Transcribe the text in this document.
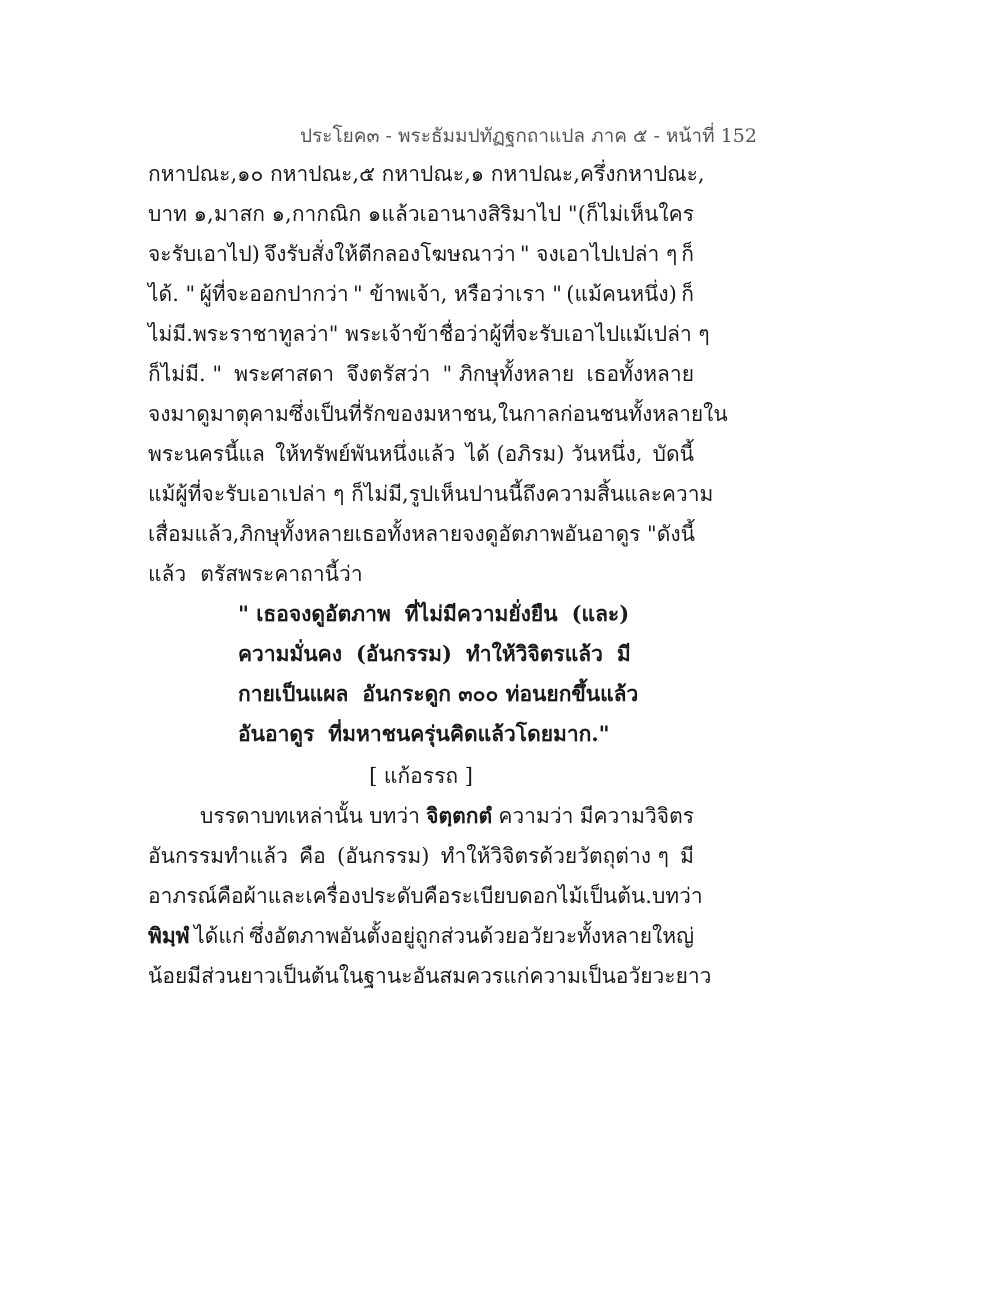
ประโยค๓ - พระธัมมปทัฏฐกถาแปล ภาค ๕ - หน้าที่ 152
กหาปณะ, ๑๐ กหาปณะ, ๕ กหาปณะ, ๑ กหาปณะ, ครึ่งกหาปณะ,
บาท ๑, มาสก ๑, กากณิก ๑ แล้วเอานางสิริมาไป " (ก็ไม่เห็นใคร
จะรับเอาไป) จึงรับสั่งให้ตีกลองโฆษณาว่า " จงเอาไปเปล่า ๆ ก็
ได้. " ผู้ที่จะออกปากว่า " ข้าพเจ้า, หรือว่าเรา " (แม้คนหนึ่ง) ก็
ไม่มี. พระราชาทูลว่า " พระเจ้าข้า ชื่อว่าผู้ที่จะรับเอาไปแม้เปล่า ๆ
ก็ไม่มี. " พระศาสดา จึงตรัสว่า " ภิกษุทั้งหลาย เธอทั้งหลาย
จงมาดูมาตุคามซึ่งเป็นที่รักของมหาชน, ในกาลก่อน ชนทั้งหลายใน
พระนครนี้แล ให้ทรัพย์พันหนึ่งแล้ว ได้ (อภิรม) วันหนึ่ง, บัดนี้
แม้ผู้ที่จะรับเอาเปล่า ๆ ก็ไม่มี, รูปเห็นปานนี้ ถึงความสิ้นและความ
เสื่อมแล้ว, ภิกษุทั้งหลาย เธอทั้งหลายจงดูอัตภาพอันอาดูร " ดังนี้
แล้ว ตรัสพระคาถานี้ว่า
" เธอจงดูอัตภาพ ที่ไม่มีความยั่งยืน (และ)
ความมั่นคง (อันกรรม) ทำให้วิจิตรแล้ว มี
กายเป็นแผล อันกระดูก ๓๐๐ ท่อนยกขึ้นแล้ว
อันอาดูร ที่มหาชนครุ่นคิดแล้วโดยมาก."
[ แก้อรรถ ]
บรรดาบทเหล่านั้น บทว่า จิตฺตกตํ ความว่า มีความวิจิตร
อันกรรมทำแล้ว คือ (อันกรรม) ทำให้วิจิตรด้วยวัตถุต่าง ๆ มี
อาภรณ์คือผ้าและเครื่องประดับคือระเบียบดอกไม้เป็นต้น. บทว่า
พิมฺพํ ได้แก่ ซึ่งอัตภาพอันตั้งอยู่ถูกส่วนด้วยอวัยวะทั้งหลายใหญ่
น้อย มีส่วนยาวเป็นต้น ในฐานะอันสมควรแก่ความเป็นอวัยวะยาว
